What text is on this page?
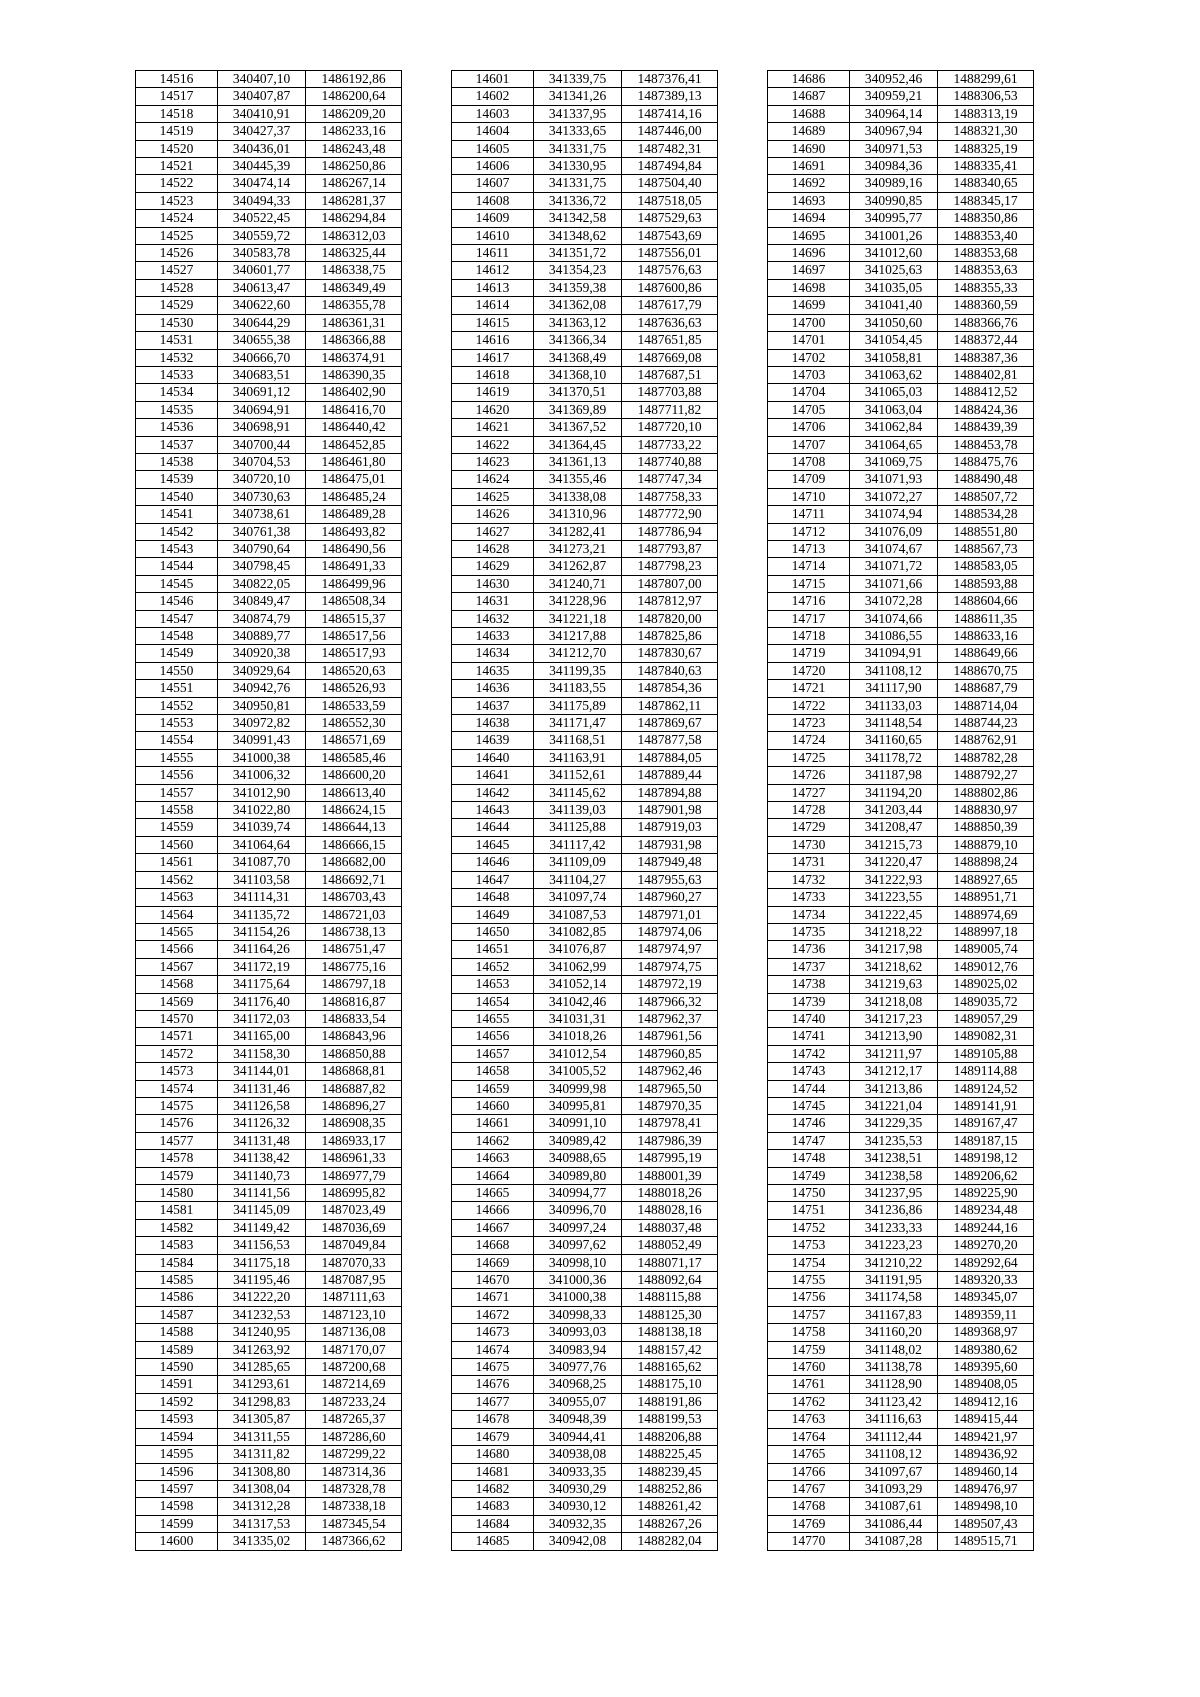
14516	340407,10	1486192,86
14517	340407,87	1486200,64
14518	340410,91	1486209,20
14519	340427,37	1486233,16
14520	340436,01	1486243,48
14521	340445,39	1486250,86
14522	340474,14	1486267,14
14523	340494,33	1486281,37
14524	340522,45	1486294,84
14525	340559,72	1486312,03
14526	340583,78	1486325,44
14527	340601,77	1486338,75
14528	340613,47	1486349,49
14529	340622,60	1486355,78
14530	340644,29	1486361,31
14531	340655,38	1486366,88
14532	340666,70	1486374,91
14533	340683,51	1486390,35
14534	340691,12	1486402,90
14535	340694,91	1486416,70
14536	340698,91	1486440,42
14537	340700,44	1486452,85
14538	340704,53	1486461,80
14539	340720,10	1486475,01
14540	340730,63	1486485,24
14541	340738,61	1486489,28
14542	340761,38	1486493,82
14543	340790,64	1486490,56
14544	340798,45	1486491,33
14545	340822,05	1486499,96
14546	340849,47	1486508,34
14547	340874,79	1486515,37
14548	340889,77	1486517,56
14549	340920,38	1486517,93
14550	340929,64	1486520,63
14551	340942,76	1486526,93
14552	340950,81	1486533,59
14553	340972,82	1486552,30
14554	340991,43	1486571,69
14555	341000,38	1486585,46
14556	341006,32	1486600,20
14557	341012,90	1486613,40
14558	341022,80	1486624,15
14559	341039,74	1486644,13
14560	341064,64	1486666,15
14561	341087,70	1486682,00
14562	341103,58	1486692,71
14563	341114,31	1486703,43
14564	341135,72	1486721,03
14565	341154,26	1486738,13
14566	341164,26	1486751,47
14567	341172,19	1486775,16
14568	341175,64	1486797,18
14569	341176,40	1486816,87
14570	341172,03	1486833,54
14571	341165,00	1486843,96
14572	341158,30	1486850,88
14573	341144,01	1486868,81
14574	341131,46	1486887,82
14575	341126,58	1486896,27
14576	341126,32	1486908,35
14577	341131,48	1486933,17
14578	341138,42	1486961,33
14579	341140,73	1486977,79
14580	341141,56	1486995,82
14581	341145,09	1487023,49
14582	341149,42	1487036,69
14583	341156,53	1487049,84
14584	341175,18	1487070,33
14585	341195,46	1487087,95
14586	341222,20	1487111,63
14587	341232,53	1487123,10
14588	341240,95	1487136,08
14589	341263,92	1487170,07
14590	341285,65	1487200,68
14591	341293,61	1487214,69
14592	341298,83	1487233,24
14593	341305,87	1487265,37
14594	341311,55	1487286,60
14595	341311,82	1487299,22
14596	341308,80	1487314,36
14597	341308,04	1487328,78
14598	341312,28	1487338,18
14599	341317,53	1487345,54
14600	341335,02	1487366,62
14601	341339,75	1487376,41
14602	341341,26	1487389,13
14603	341337,95	1487414,16
14604	341333,65	1487446,00
14605	341331,75	1487482,31
14606	341330,95	1487494,84
14607	341331,75	1487504,40
14608	341336,72	1487518,05
14609	341342,58	1487529,63
14610	341348,62	1487543,69
14611	341351,72	1487556,01
14612	341354,23	1487576,63
14613	341359,38	1487600,86
14614	341362,08	1487617,79
14615	341363,12	1487636,63
14616	341366,34	1487651,85
14617	341368,49	1487669,08
14618	341368,10	1487687,51
14619	341370,51	1487703,88
14620	341369,89	1487711,82
14621	341367,52	1487720,10
14622	341364,45	1487733,22
14623	341361,13	1487740,88
14624	341355,46	1487747,34
14625	341338,08	1487758,33
14626	341310,96	1487772,90
14627	341282,41	1487786,94
14628	341273,21	1487793,87
14629	341262,87	1487798,23
14630	341240,71	1487807,00
14631	341228,96	1487812,97
14632	341221,18	1487820,00
14633	341217,88	1487825,86
14634	341212,70	1487830,67
14635	341199,35	1487840,63
14636	341183,55	1487854,36
14637	341175,89	1487862,11
14638	341171,47	1487869,67
14639	341168,51	1487877,58
14640	341163,91	1487884,05
14641	341152,61	1487889,44
14642	341145,62	1487894,88
14643	341139,03	1487901,98
14644	341125,88	1487919,03
14645	341117,42	1487931,98
14646	341109,09	1487949,48
14647	341104,27	1487955,63
14648	341097,74	1487960,27
14649	341087,53	1487971,01
14650	341082,85	1487974,06
14651	341076,87	1487974,97
14652	341062,99	1487974,75
14653	341052,14	1487972,19
14654	341042,46	1487966,32
14655	341031,31	1487962,37
14656	341018,26	1487961,56
14657	341012,54	1487960,85
14658	341005,52	1487962,46
14659	340999,98	1487965,50
14660	340995,81	1487970,35
14661	340991,10	1487978,41
14662	340989,42	1487986,39
14663	340988,65	1487995,19
14664	340989,80	1488001,39
14665	340994,77	1488018,26
14666	340996,70	1488028,16
14667	340997,24	1488037,48
14668	340997,62	1488052,49
14669	340998,10	1488071,17
14670	341000,36	1488092,64
14671	341000,38	1488115,88
14672	340998,33	1488125,30
14673	340993,03	1488138,18
14674	340983,94	1488157,42
14675	340977,76	1488165,62
14676	340968,25	1488175,10
14677	340955,07	1488191,86
14678	340948,39	1488199,53
14679	340944,41	1488206,88
14680	340938,08	1488225,45
14681	340933,35	1488239,45
14682	340930,29	1488252,86
14683	340930,12	1488261,42
14684	340932,35	1488267,26
14685	340942,08	1488282,04
14686	340952,46	1488299,61
14687	340959,21	1488306,53
14688	340964,14	1488313,19
14689	340967,94	1488321,30
14690	340971,53	1488325,19
14691	340984,36	1488335,41
14692	340989,16	1488340,65
14693	340990,85	1488345,17
14694	340995,77	1488350,86
14695	341001,26	1488353,40
14696	341012,60	1488353,68
14697	341025,63	1488353,63
14698	341035,05	1488355,33
14699	341041,40	1488360,59
14700	341050,60	1488366,76
14701	341054,45	1488372,44
14702	341058,81	1488387,36
14703	341063,62	1488402,81
14704	341065,03	1488412,52
14705	341063,04	1488424,36
14706	341062,84	1488439,39
14707	341064,65	1488453,78
14708	341069,75	1488475,76
14709	341071,93	1488490,48
14710	341072,27	1488507,72
14711	341074,94	1488534,28
14712	341076,09	1488551,80
14713	341074,67	1488567,73
14714	341071,72	1488583,05
14715	341071,66	1488593,88
14716	341072,28	1488604,66
14717	341074,66	1488611,35
14718	341086,55	1488633,16
14719	341094,91	1488649,66
14720	341108,12	1488670,75
14721	341117,90	1488687,79
14722	341133,03	1488714,04
14723	341148,54	1488744,23
14724	341160,65	1488762,91
14725	341178,72	1488782,28
14726	341187,98	1488792,27
14727	341194,20	1488802,86
14728	341203,44	1488830,97
14729	341208,47	1488850,39
14730	341215,73	1488879,10
14731	341220,47	1488898,24
14732	341222,93	1488927,65
14733	341223,55	1488951,71
14734	341222,45	1488974,69
14735	341218,22	1488997,18
14736	341217,98	1489005,74
14737	341218,62	1489012,76
14738	341219,63	1489025,02
14739	341218,08	1489035,72
14740	341217,23	1489057,29
14741	341213,90	1489082,31
14742	341211,97	1489105,88
14743	341212,17	1489114,88
14744	341213,86	1489124,52
14745	341221,04	1489141,91
14746	341229,35	1489167,47
14747	341235,53	1489187,15
14748	341238,51	1489198,12
14749	341238,58	1489206,62
14750	341237,95	1489225,90
14751	341236,86	1489234,48
14752	341233,33	1489244,16
14753	341223,23	1489270,20
14754	341210,22	1489292,64
14755	341191,95	1489320,33
14756	341174,58	1489345,07
14757	341167,83	1489359,11
14758	341160,20	1489368,97
14759	341148,02	1489380,62
14760	341138,78	1489395,60
14761	341128,90	1489408,05
14762	341123,42	1489412,16
14763	341116,63	1489415,44
14764	341112,44	1489421,97
14765	341108,12	1489436,92
14766	341097,67	1489460,14
14767	341093,29	1489476,97
14768	341087,61	1489498,10
14769	341086,44	1489507,43
14770	341087,28	1489515,71
